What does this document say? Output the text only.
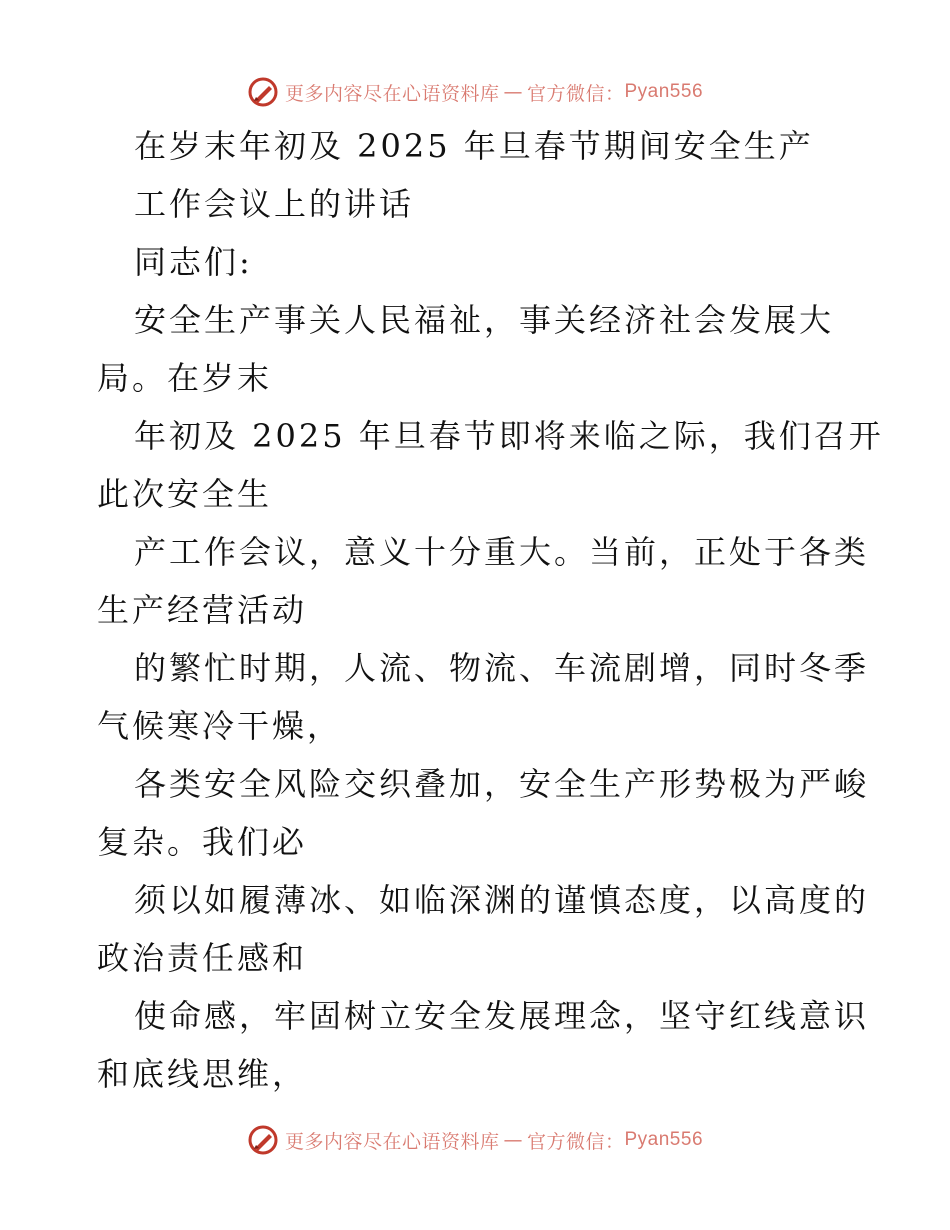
更多内容尽在心语资料库 — 官方微信： Pyan556
在岁末年初及 2025 年旦春节期间安全生产
工作会议上的讲话
同志们:
安全生产事关人民福祉，事关经济社会发展大
局。在岁末
年初及 2025 年旦春节即将来临之际，我们召开
此次安全生
产工作会议，意义十分重大。当前，正处于各类
生产经营活动
的繁忙时期，人流、物流、车流剧增，同时冬季
气候寒冷干燥，
各类安全风险交织叠加，安全生产形势极为严峻
复杂。我们必
须以如履薄冰、如临深渊的谨慎态度，以高度的
政治责任感和
使命感，牢固树立安全发展理念，坚守红线意识
和底线思维，
更多内容尽在心语资料库 — 官方微信： Pyan556
